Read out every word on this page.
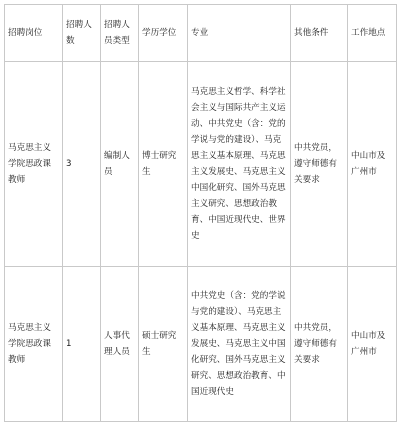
招聘岗位	招聘人数	招聘人员类型	学历学位	专业	其他条件	工作地点
马克思主义学院思政课教师	3	编制人员	博士研究生	马克思主义哲学、科学社会主义与国际共产主义运动、中共党史（含：党的学说与党的建设）、马克思主义基本原理、马克思主义发展史、马克思主义中国化研究、国外马克思主义研究、思想政治教育、中国近现代史、世界史	中共党员，遵守师德有关要求	中山市及广州市
马克思主义学院思政课教师	1	人事代理人员	硕士研究生	中共党史（含：党的学说与党的建设）、马克思主义基本原理、马克思主义发展史、马克思主义中国化研究、国外马克思主义研究、思想政治教育、中国近现代史	中共党员，遵守师德有关要求	中山市及广州市
